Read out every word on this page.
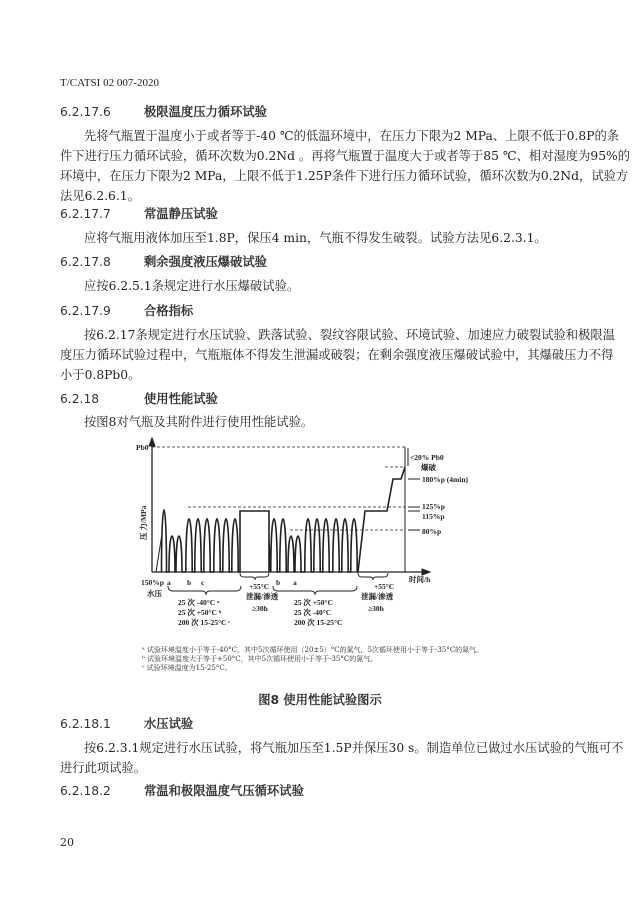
T/CATSI 02 007-2020
6.2.17.6	极限温度压力循环试验
先将气瓶置于温度小于或者等于-40 ℃的低温环境中，在压力下限为2 MPa、上限不低于0.8P的条
件下进行压力循环试验，循环次数为0.2Nd 。再将气瓶置于温度大于或者等于85 ℃、相对湿度为95%的
环境中，在压力下限为2 MPa，上限不低于1.25P条件下进行压力循环试验，循环次数为0.2Nd，试验方
法见6.2.6.1。
6.2.17.7	常温静压试验
应将气瓶用液体加压至1.8P，保压4 min，气瓶不得发生破裂。试验方法见6.2.3.1。
6.2.17.8	剩余强度液压爆破试验
应按6.2.5.1条规定进行水压爆破试验。
6.2.17.9	合格指标
按6.2.17条规定进行水压试验、跌落试验、裂纹容限试验、环境试验、加速应力破裂试验和极限温
度压力循环试验过程中，气瓶瓶体不得发生泄漏或破裂；在剩余强度液压爆破试验中，其爆破压力不得
小于0.8Pb0。
6.2.18	使用性能试验
按图8对气瓶及其附件进行使用性能试验。
Pb0
压 力/MPa
时间/h
<20% Pb0
爆破
180%p (4min)
125%p
115%p
80%p
150%p
水压
a b c
25 次 -40°C ᵃ
25 次 +50°C ᵇ
200 次 15-25°C ᶜ
+55°C
泄漏/渗透
≥30h
b a
25 次 +50°C
25 次 -40°C
200 次 15-25°C
+55°C
泄漏/渗透
≥30h
ᵃ 试验环境温度小于等于-40°C，其中5次循环使用（20±5）°C的氮气，5次循环使用小于等于-35°C的氮气。
ᵇ 试验环境温度大于等于+50°C，其中5次循环使用小于等于-35°C的氮气。
ᶜ 试验环境温度为15-25°C。
图8 使用性能试验图示
6.2.18.1	水压试验
按6.2.3.1规定进行水压试验，将气瓶加压至1.5P并保压30 s。制造单位已做过水压试验的气瓶可不
进行此项试验。
6.2.18.2	常温和极限温度气压循环试验
20
